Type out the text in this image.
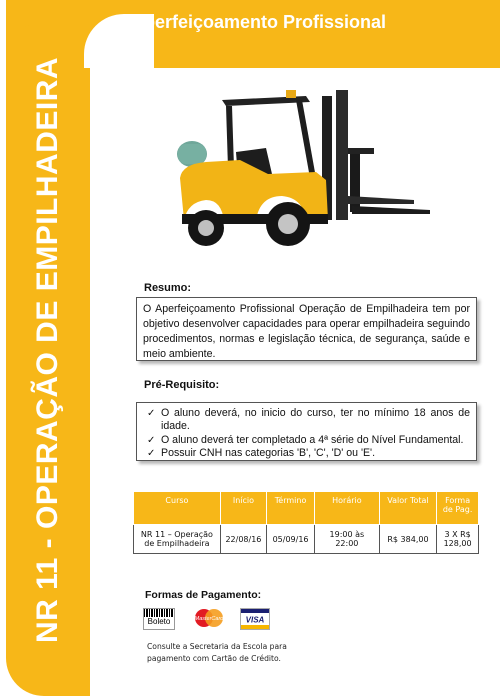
Aperfeiçoamento Profissional
NR 11 - OPERAÇÃO DE EMPILHADEIRA	Resumo:
O Aperfeiçoamento Profissional Operação de Empilhadeira tem por objetivo desenvolver capacidades para operar empilhadeira seguindo procedimentos, normas e legislação técnica, de segurança, saúde e meio ambiente.
Pré-Requisito:
✓ O aluno deverá, no inicio do curso, ter no mínimo 18 anos de idade.
✓ O aluno deverá ter completado a 4ª série do Nível Fundamental.
✓ Possuir CNH nas categorias 'B', 'C', 'D' ou 'E'.
Curso	Início	Término	Horário	Valor Total	Forma de Pag.
NR 11 – Operação de Empilhadeira	22/08/16	05/09/16	19:00 às 22:00	R$ 384,00	3 X R$ 128,00
Formas de Pagamento:
Boleto	MasterCard	VISA
Consulte a Secretaria da Escola para
pagamento com Cartão de Crédito.
